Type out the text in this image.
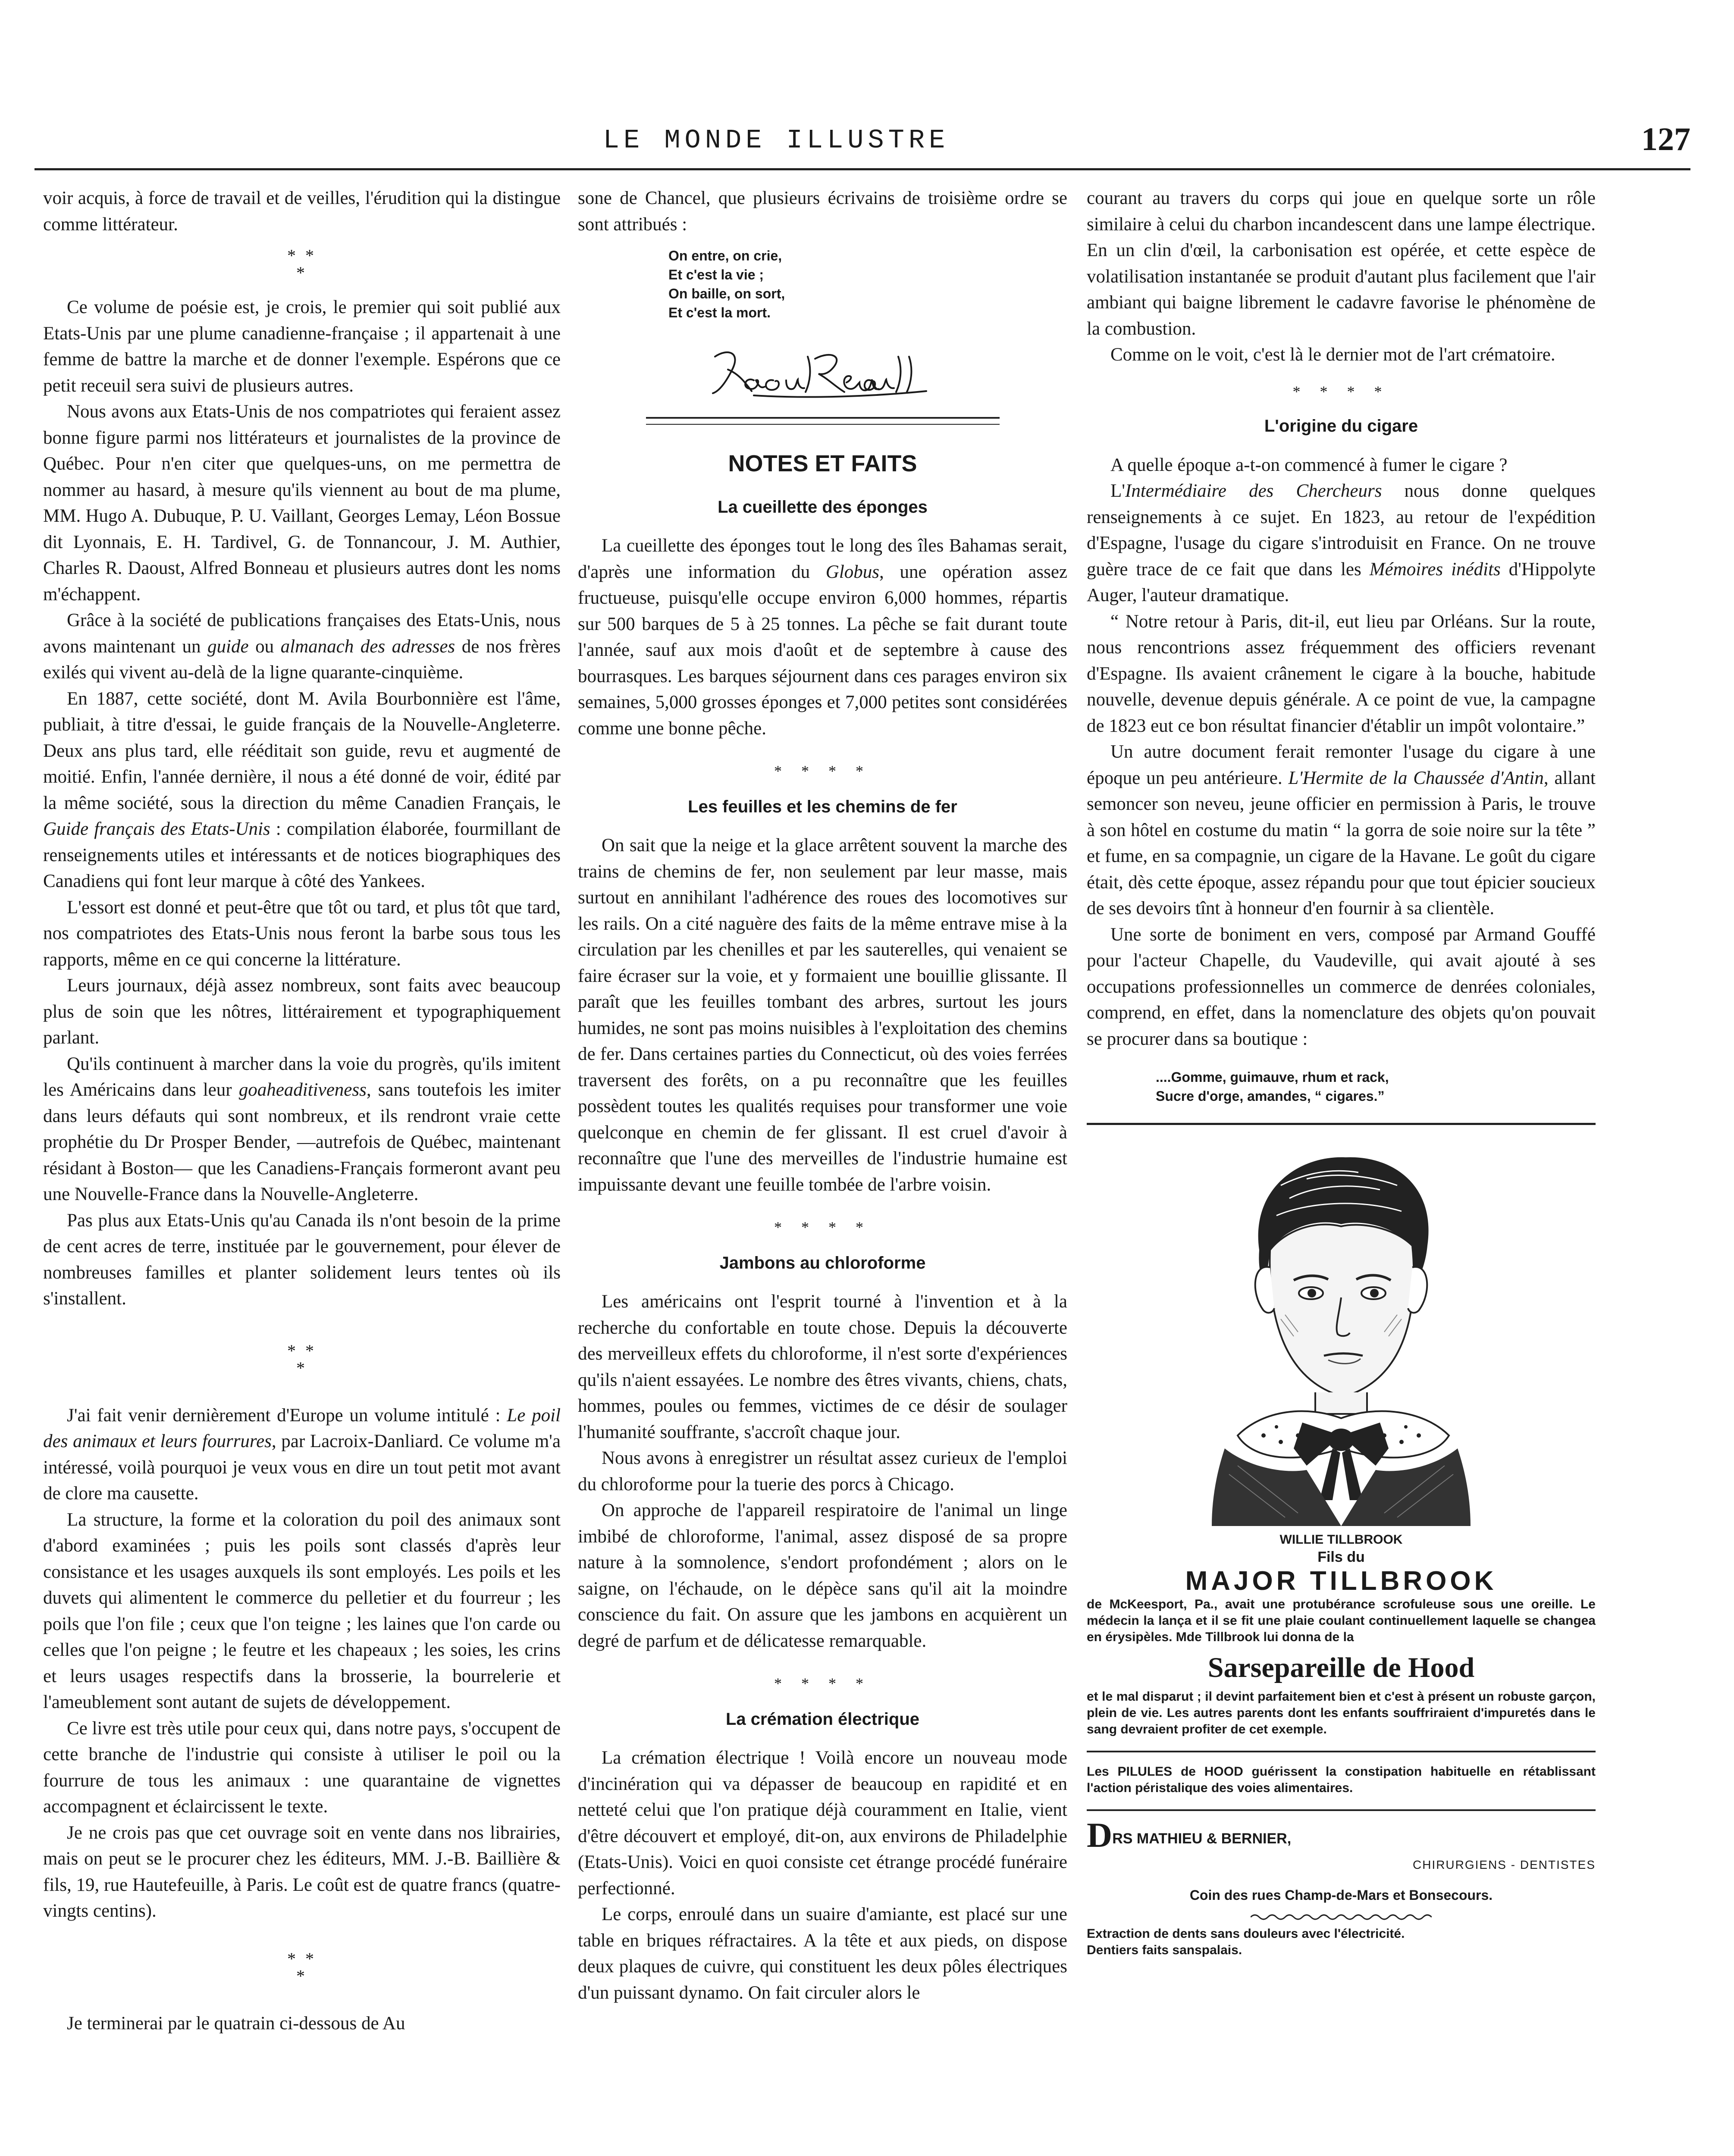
LE MONDE ILLUSTRE	127

voir acquis, à force de travail et de veilles, l'érudition qui la distingue comme littérateur.

* *
*

Ce volume de poésie est, je crois, le premier qui soit publié aux Etats-Unis par une plume canadienne-française ; il appartenait à une femme de battre la marche et de donner l'exemple. Espérons que ce petit receuil sera suivi de plusieurs autres.

Nous avons aux Etats-Unis de nos compatriotes qui feraient assez bonne figure parmi nos littérateurs et journalistes de la province de Québec. Pour n'en citer que quelques-uns, on me permettra de nommer au hasard, à mesure qu'ils viennent au bout de ma plume, MM. Hugo A. Dubuque, P. U. Vaillant, Georges Lemay, Léon Bossue dit Lyonnais, E. H. Tardivel, G. de Tonnancour, J. M. Authier, Charles R. Daoust, Alfred Bonneau et plusieurs autres dont les noms m'échappent.

Grâce à la société de publications françaises des Etats-Unis, nous avons maintenant un guide ou almanach des adresses de nos frères exilés qui vivent au-delà de la ligne quarante-cinquième.

En 1887, cette société, dont M. Avila Bourbonnière est l'âme, publiait, à titre d'essai, le guide français de la Nouvelle-Angleterre. Deux ans plus tard, elle rééditait son guide, revu et augmenté de moitié. Enfin, l'année dernière, il nous a été donné de voir, édité par la même société, sous la direction du même Canadien Français, le Guide français des Etats-Unis : compilation élaborée, fourmillant de renseignements utiles et intéressants et de notices biographiques des Canadiens qui font leur marque à côté des Yankees.

L'essort est donné et peut-être que tôt ou tard, et plus tôt que tard, nos compatriotes des Etats-Unis nous feront la barbe sous tous les rapports, même en ce qui concerne la littérature.

Leurs journaux, déjà assez nombreux, sont faits avec beaucoup plus de soin que les nôtres, littérairement et typographiquement parlant.

Qu'ils continuent à marcher dans la voie du progrès, qu'ils imitent les Américains dans leur goaheaditiveness, sans toutefois les imiter dans leurs défauts qui sont nombreux, et ils rendront vraie cette prophétie du Dr Prosper Bender, —autrefois de Québec, maintenant résidant à Boston— que les Canadiens-Français formeront avant peu une Nouvelle-France dans la Nouvelle-Angleterre.

Pas plus aux Etats-Unis qu'au Canada ils n'ont besoin de la prime de cent acres de terre, instituée par le gouvernement, pour élever de nombreuses familles et planter solidement leurs tentes où ils s'installent.

* *
*

J'ai fait venir dernièrement d'Europe un volume intitulé : Le poil des animaux et leurs fourrures, par Lacroix-Danliard. Ce volume m'a intéressé, voilà pourquoi je veux vous en dire un tout petit mot avant de clore ma causette.

La structure, la forme et la coloration du poil des animaux sont d'abord examinées ; puis les poils sont classés d'après leur consistance et les usages auxquels ils sont employés. Les poils et les duvets qui alimentent le commerce du pelletier et du fourreur ; les poils que l'on file ; ceux que l'on teigne ; les laines que l'on carde ou celles que l'on peigne ; le feutre et les chapeaux ; les soies, les crins et leurs usages respectifs dans la brosserie, la bourrelerie et l'ameublement sont autant de sujets de développement.

Ce livre est très utile pour ceux qui, dans notre pays, s'occupent de cette branche de l'industrie qui consiste à utiliser le poil ou la fourrure de tous les animaux : une quarantaine de vignettes accompagnent et éclaircissent le texte.

Je ne crois pas que cet ouvrage soit en vente dans nos librairies, mais on peut se le procurer chez les éditeurs, MM. J.-B. Baillière & fils, 19, rue Hautefeuille, à Paris. Le coût est de quatre francs (quatre-vingts centins).

* *
*

Je terminerai par le quatrain ci-dessous de Au

sone de Chancel, que plusieurs écrivains de troisième ordre se sont attribués :

On entre, on crie,
Et c'est la vie ;
On baille, on sort,
Et c'est la mort.
NOTES ET FAITS
La cueillette des éponges

La cueillette des éponges tout le long des îles Bahamas serait, d'après une information du Globus, une opération assez fructueuse, puisqu'elle occupe environ 6,000 hommes, répartis sur 500 barques de 5 à 25 tonnes. La pêche se fait durant toute l'année, sauf aux mois d'août et de septembre à cause des bourrasques. Les barques séjournent dans ces parages environ six semaines, 5,000 grosses éponges et 7,000 petites sont considérées comme une bonne pêche.

* * * *
Les feuilles et les chemins de fer

On sait que la neige et la glace arrêtent souvent la marche des trains de chemins de fer, non seulement par leur masse, mais surtout en annihilant l'adhérence des roues des locomotives sur les rails. On a cité naguère des faits de la même entrave mise à la circulation par les chenilles et par les sauterelles, qui venaient se faire écraser sur la voie, et y formaient une bouillie glissante. Il paraît que les feuilles tombant des arbres, surtout les jours humides, ne sont pas moins nuisibles à l'exploitation des chemins de fer. Dans certaines parties du Connecticut, où des voies ferrées traversent des forêts, on a pu reconnaître que les feuilles possèdent toutes les qualités requises pour transformer une voie quelconque en chemin de fer glissant. Il est cruel d'avoir à reconnaître que l'une des merveilles de l'industrie humaine est impuissante devant une feuille tombée de l'arbre voisin.

* * * *
Jambons au chloroforme

Les américains ont l'esprit tourné à l'invention et à la recherche du confortable en toute chose. Depuis la découverte des merveilleux effets du chloroforme, il n'est sorte d'expériences qu'ils n'aient essayées. Le nombre des êtres vivants, chiens, chats, hommes, poules ou femmes, victimes de ce désir de soulager l'humanité souffrante, s'accroît chaque jour.

Nous avons à enregistrer un résultat assez curieux de l'emploi du chloroforme pour la tuerie des porcs à Chicago.

On approche de l'appareil respiratoire de l'animal un linge imbibé de chloroforme, l'animal, assez disposé de sa propre nature à la somnolence, s'endort profondément ; alors on le saigne, on l'échaude, on le dépèce sans qu'il ait la moindre conscience du fait. On assure que les jambons en acquièrent un degré de parfum et de délicatesse remarquable.

* * * *
La crémation électrique

La crémation électrique ! Voilà encore un nouveau mode d'incinération qui va dépasser de beaucoup en rapidité et en netteté celui que l'on pratique déjà couramment en Italie, vient d'être découvert et employé, dit-on, aux environs de Philadelphie (Etats-Unis). Voici en quoi consiste cet étrange procédé funéraire perfectionné.

Le corps, enroulé dans un suaire d'amiante, est placé sur une table en briques réfractaires. A la tête et aux pieds, on dispose deux plaques de cuivre, qui constituent les deux pôles électriques d'un puissant dynamo. On fait circuler alors le

courant au travers du corps qui joue en quelque sorte un rôle similaire à celui du charbon incandescent dans une lampe électrique. En un clin d'œil, la carbonisation est opérée, et cette espèce de volatilisation instantanée se produit d'autant plus facilement que l'air ambiant qui baigne librement le cadavre favorise le phénomène de la combustion.

Comme on le voit, c'est là le dernier mot de l'art crématoire.

* * * *
L'origine du cigare

A quelle époque a-t-on commencé à fumer le cigare ?

L'Intermédiaire des Chercheurs nous donne quelques renseignements à ce sujet. En 1823, au retour de l'expédition d'Espagne, l'usage du cigare s'introduisit en France. On ne trouve guère trace de ce fait que dans les Mémoires inédits d'Hippolyte Auger, l'auteur dramatique.

“ Notre retour à Paris, dit-il, eut lieu par Orléans. Sur la route, nous rencontrions assez fréquemment des officiers revenant d'Espagne. Ils avaient crânement le cigare à la bouche, habitude nouvelle, devenue depuis générale. A ce point de vue, la campagne de 1823 eut ce bon résultat financier d'établir un impôt volontaire.”

Un autre document ferait remonter l'usage du cigare à une époque un peu antérieure. L'Hermite de la Chaussée d'Antin, allant semoncer son neveu, jeune officier en permission à Paris, le trouve à son hôtel en costume du matin “ la gorra de soie noire sur la tête ” et fume, en sa compagnie, un cigare de la Havane. Le goût du cigare était, dès cette époque, assez répandu pour que tout épicier soucieux de ses devoirs tînt à honneur d'en fournir à sa clientèle.

Une sorte de boniment en vers, composé par Armand Gouffé pour l'acteur Chapelle, du Vaudeville, qui avait ajouté à ses occupations professionnelles un commerce de denrées coloniales, comprend, en effet, dans la nomenclature des objets qu'on pouvait se procurer dans sa boutique :

....Gomme, guimauve, rhum et rack,
Sucre d'orge, amandes, “ cigares.”
WILLIE TILLBROOK
Fils du
MAJOR TILLBROOK
de McKeesport, Pa., avait une protubérance scrofuleuse sous une oreille. Le médecin la lança et il se fit une plaie coulant continuellement laquelle se changea en érysipèles. Mde Tillbrook lui donna de la
Sarsepareille de Hood
et le mal disparut ; il devint parfaitement bien et c'est à présent un robuste garçon, plein de vie. Les autres parents dont les enfants souffriraient d'impuretés dans le sang devraient profiter de cet exemple.
Les PILULES de HOOD guérissent la constipation habituelle en rétablissant l'action péristalique des voies alimentaires.
DRS MATHIEU & BERNIER,
CHIRURGIENS - DENTISTES
Coin des rues Champ-de-Mars et Bonsecours.
Extraction de dents sans douleurs avec l'électricité.
Dentiers faits sanspalais.
